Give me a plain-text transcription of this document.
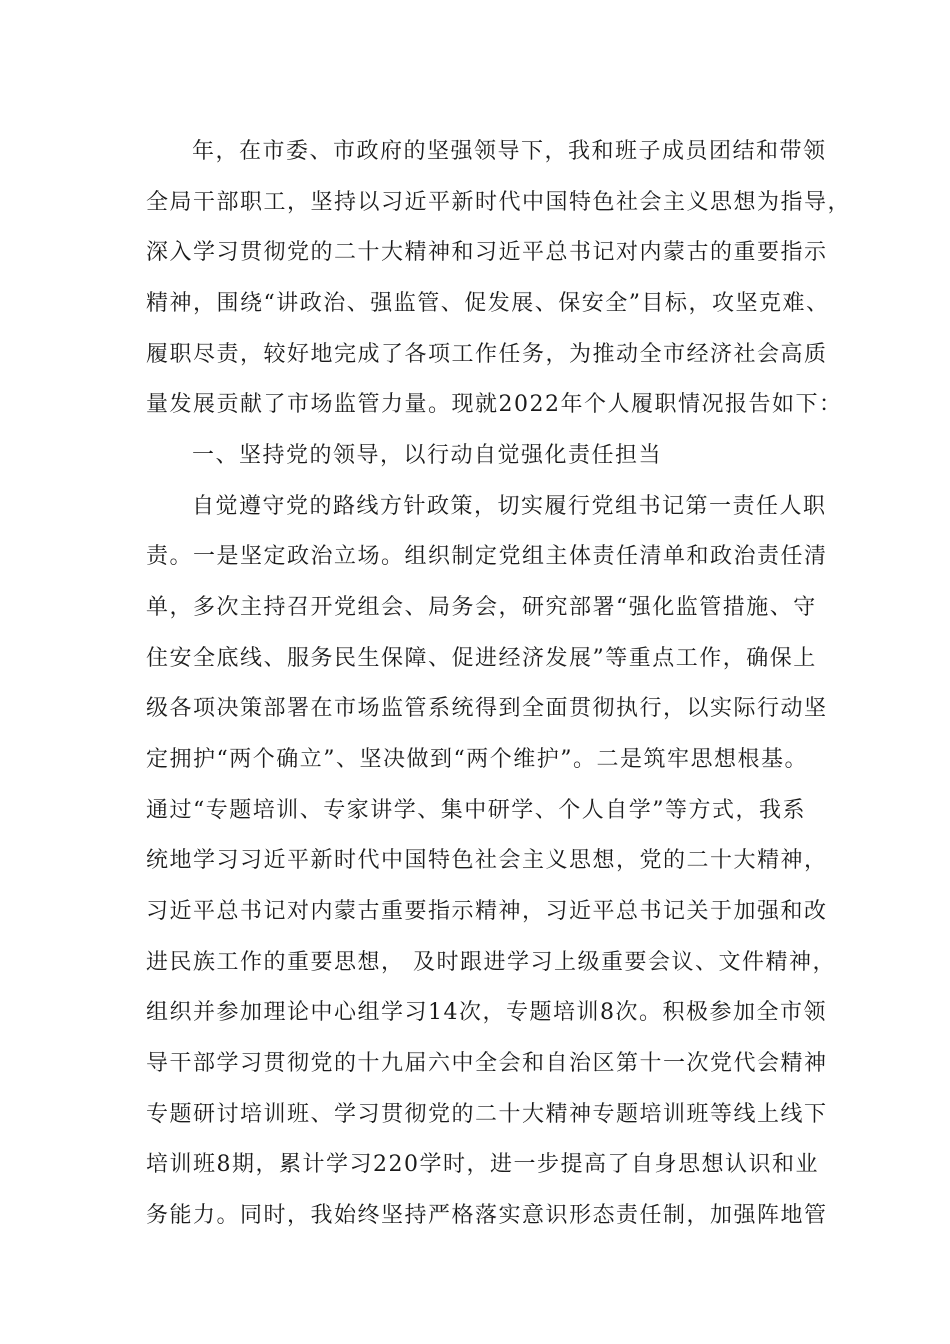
年，在市委、市政府的坚强领导下，我和班子成员团结和带领
全局干部职工，坚持以习近平新时代中国特色社会主义思想为指导，
深入学习贯彻党的二十大精神和习近平总书记对内蒙古的重要指示
精神，围绕“讲政治、强监管、促发展、保安全”目标，攻坚克难、
履职尽责，较好地完成了各项工作任务，为推动全市经济社会高质
量发展贡献了市场监管力量。现就2022年个人履职情况报告如下：
一、坚持党的领导，以行动自觉强化责任担当
自觉遵守党的路线方针政策，切实履行党组书记第一责任人职
责。一是坚定政治立场。组织制定党组主体责任清单和政治责任清
单，多次主持召开党组会、局务会，研究部署“强化监管措施、守
住安全底线、服务民生保障、促进经济发展”等重点工作，确保上
级各项决策部署在市场监管系统得到全面贯彻执行，以实际行动坚
定拥护“两个确立”、坚决做到“两个维护”。二是筑牢思想根基。
通过“专题培训、专家讲学、集中研学、个人自学”等方式，我系
统地学习习近平新时代中国特色社会主义思想，党的二十大精神，
习近平总书记对内蒙古重要指示精神，习近平总书记关于加强和改
进民族工作的重要思想， 及时跟进学习上级重要会议、文件精神，
组织并参加理论中心组学习14次，专题培训8次。积极参加全市领
导干部学习贯彻党的十九届六中全会和自治区第十一次党代会精神
专题研讨培训班、学习贯彻党的二十大精神专题培训班等线上线下
培训班8期，累计学习220学时，进一步提高了自身思想认识和业
务能力。同时，我始终坚持严格落实意识形态责任制，加强阵地管
